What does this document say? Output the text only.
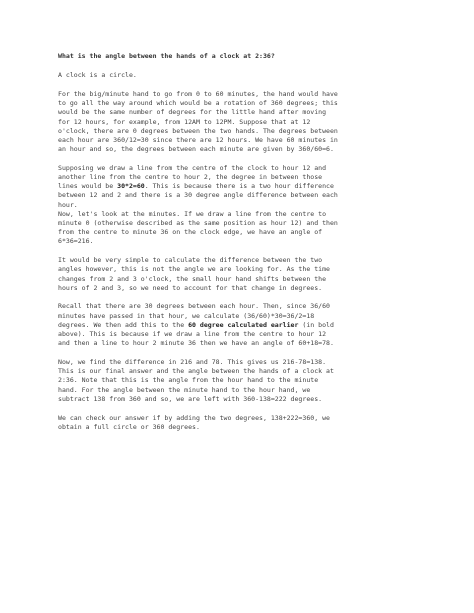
What is the angle between the hands of a clock at 2:36?
A clock is a circle.
For the big/minute hand to go from 0 to 60 minutes, the hand would have
to go all the way around which would be a rotation of 360 degrees; this
would be the same number of degrees for the little hand after moving
for 12 hours, for example, from 12AM to 12PM. Suppose that at 12
o'clock, there are 0 degrees between the two hands. The degrees between
each hour are 360/12=30 since there are 12 hours. We have 60 minutes in
an hour and so, the degrees between each minute are given by 360/60=6.
Supposing we draw a line from the centre of the clock to hour 12 and
another line from the centre to hour 2, the degree in between those
lines would be 30*2=60. This is because there is a two hour difference
between 12 and 2 and there is a 30 degree angle difference between each
hour.
Now, let's look at the minutes. If we draw a line from the centre to
minute 0 (otherwise described as the same position as hour 12) and then
from the centre to minute 36 on the clock edge, we have an angle of
6*36=216.
It would be very simple to calculate the difference between the two
angles however, this is not the angle we are looking for. As the time
changes from 2 and 3 o'clock, the small hour hand shifts between the
hours of 2 and 3, so we need to account for that change in degrees.
Recall that there are 30 degrees between each hour. Then, since 36/60
minutes have passed in that hour, we calculate (36/60)*30=36/2=18
degrees. We then add this to the 60 degree calculated earlier (in bold
above). This is because if we draw a line from the centre to hour 12
and then a line to hour 2 minute 36 then we have an angle of 60+18=78.
Now, we find the difference in 216 and 78. This gives us 216-78=138.
This is our final answer and the angle between the hands of a clock at
2:36. Note that this is the angle from the hour hand to the minute
hand. For the angle between the minute hand to the hour hand, we
subtract 138 from 360 and so, we are left with 360-138=222 degrees.
We can check our answer if by adding the two degrees, 138+222=360, we
obtain a full circle or 360 degrees.
